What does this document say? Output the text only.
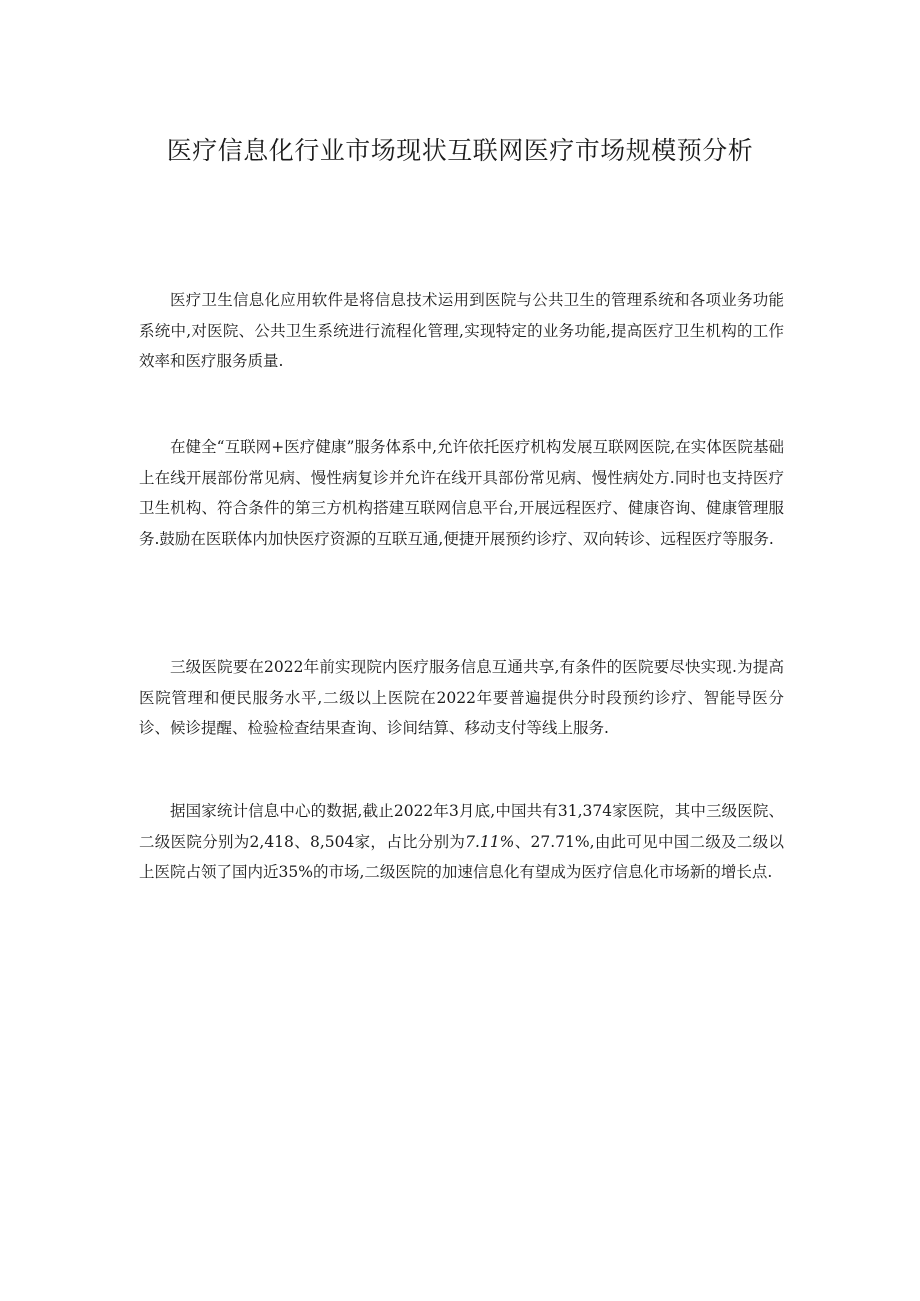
医疗信息化行业市场现状互联网医疗市场规模预分析

医疗卫生信息化应用软件是将信息技术运用到医院与公共卫生的管理系统和各项业务功能系统中,对医院、公共卫生系统进行流程化管理,实现特定的业务功能,提高医疗卫生机构的工作效率和医疗服务质量.

在健全“互联网+医疗健康”服务体系中,允许依托医疗机构发展互联网医院,在实体医院基础上在线开展部份常见病、慢性病复诊并允许在线开具部份常见病、慢性病处方.同时也支持医疗卫生机构、符合条件的第三方机构搭建互联网信息平台,开展远程医疗、健康咨询、健康管理服务.鼓励在医联体内加快医疗资源的互联互通,便捷开展预约诊疗、双向转诊、远程医疗等服务.

三级医院要在2022年前实现院内医疗服务信息互通共享,有条件的医院要尽快实现.为提高医院管理和便民服务水平,二级以上医院在2022年要普遍提供分时段预约诊疗、智能导医分诊、候诊提醒、检验检查结果查询、诊间结算、移动支付等线上服务.

据国家统计信息中心的数据,截止2022年3月底,中国共有31,374家医院，其中三级医院、二级医院分别为2,418、8,504家，占比分别为7.11%、27.71%,由此可见中国二级及二级以上医院占领了国内近35%的市场,二级医院的加速信息化有望成为医疗信息化市场新的增长点.
